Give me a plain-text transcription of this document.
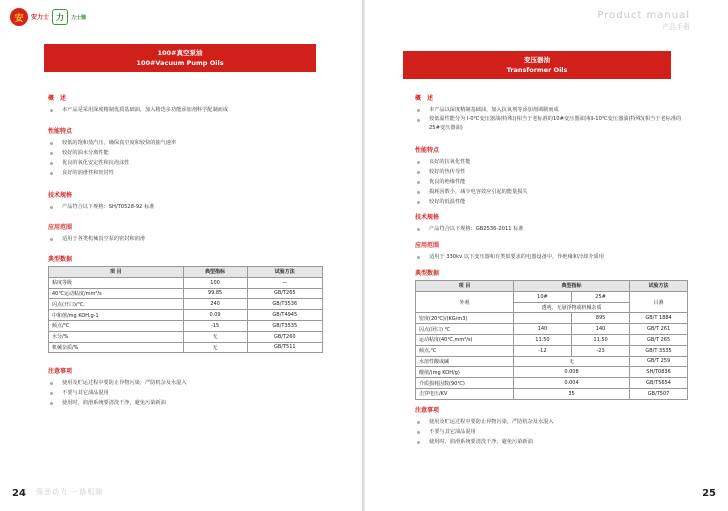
安	安力士 力	力士德
100#真空泵油
100#Vacuum Pump Oils
概　述
本产品是采用深度精制优质基础油，加入精选多功能添加剂科学配制而成
性能特点
较低的饱和蒸汽压，确保真空度和较快的抽气速率
较好的油水分离性能
优良的氧化安定性和抗泡沫性
良好的润滑性和密封性
技术规格
产品符合以下规格：SH/T0528-92 标准
应用范围
适用于各类机械真空泵的密封和润滑
典型数据
项 目	典型指标	试验方法
粘度等级	100	—
40℃运动粘度/mm²/s	99.85	GB/T265
闪点(开口)/℃,	240	GB/T3536
中和值/mg KOH.g-1	0.09	GB/T4945
倾点/℃	-15	GB/T3535
水分/%	无	GB/T260
机械杂质/%	无	GB/T511
注意事项
使用及贮运过程中要防止异物污染，严防机杂及水混入
不要与其它油品混用
使用时，润滑系统要清洗干净，避免污染新油
24 强劲动力 一路相随
Product manual
产品手册
变压器油
Transformer Oils
概　述
本产品以深度精制基础油，加入抗氧剂等添加剂调制而成
按低温性能分为 I-0℃变压器油(特殊)(相当于老标准的10#变压器油)和I-10℃变压器油(特殊)(相当于老标准的25#变压器油)
性能特点
良好的抗氧化性能
较好的热传导性
优良的绝缘性能
损耗因数小，减少电容效应引起的能量损失
较好的低温性能
技术规格
产品符合以下规格：GB2536-2011 标准
应用范围
适用于 330kv 以下变压器和有类似要求的电器设备中，作绝缘和冷却介质用
典型数据
项 目	典型指标		试验方法
外观	10#	25#	目测
	透明、无悬浮物或机械杂质		
密度(20℃)/(KG/m3)		895	GB/T 1884
闪点(闭口) ℃	140	140	GB/T 261
运动粘度(40℃,mm²/s)	11.50	11.50	GB/T 265
倾点,℃	-12	-23	GB/T 3535
水溶性酸或碱	无		GB/T 259
酸值/(mg KOH/g)	0.008		SH/T0836
介质损耗因数(90℃)	0.004		GB/T5654
击穿电压/KV	35		GB/T507
注意事项
使用及贮运过程中要防止异物污染，严防机杂及水混入
不要与其它油品混用
使用时，润滑系统要清洗干净，避免污染新油
25
